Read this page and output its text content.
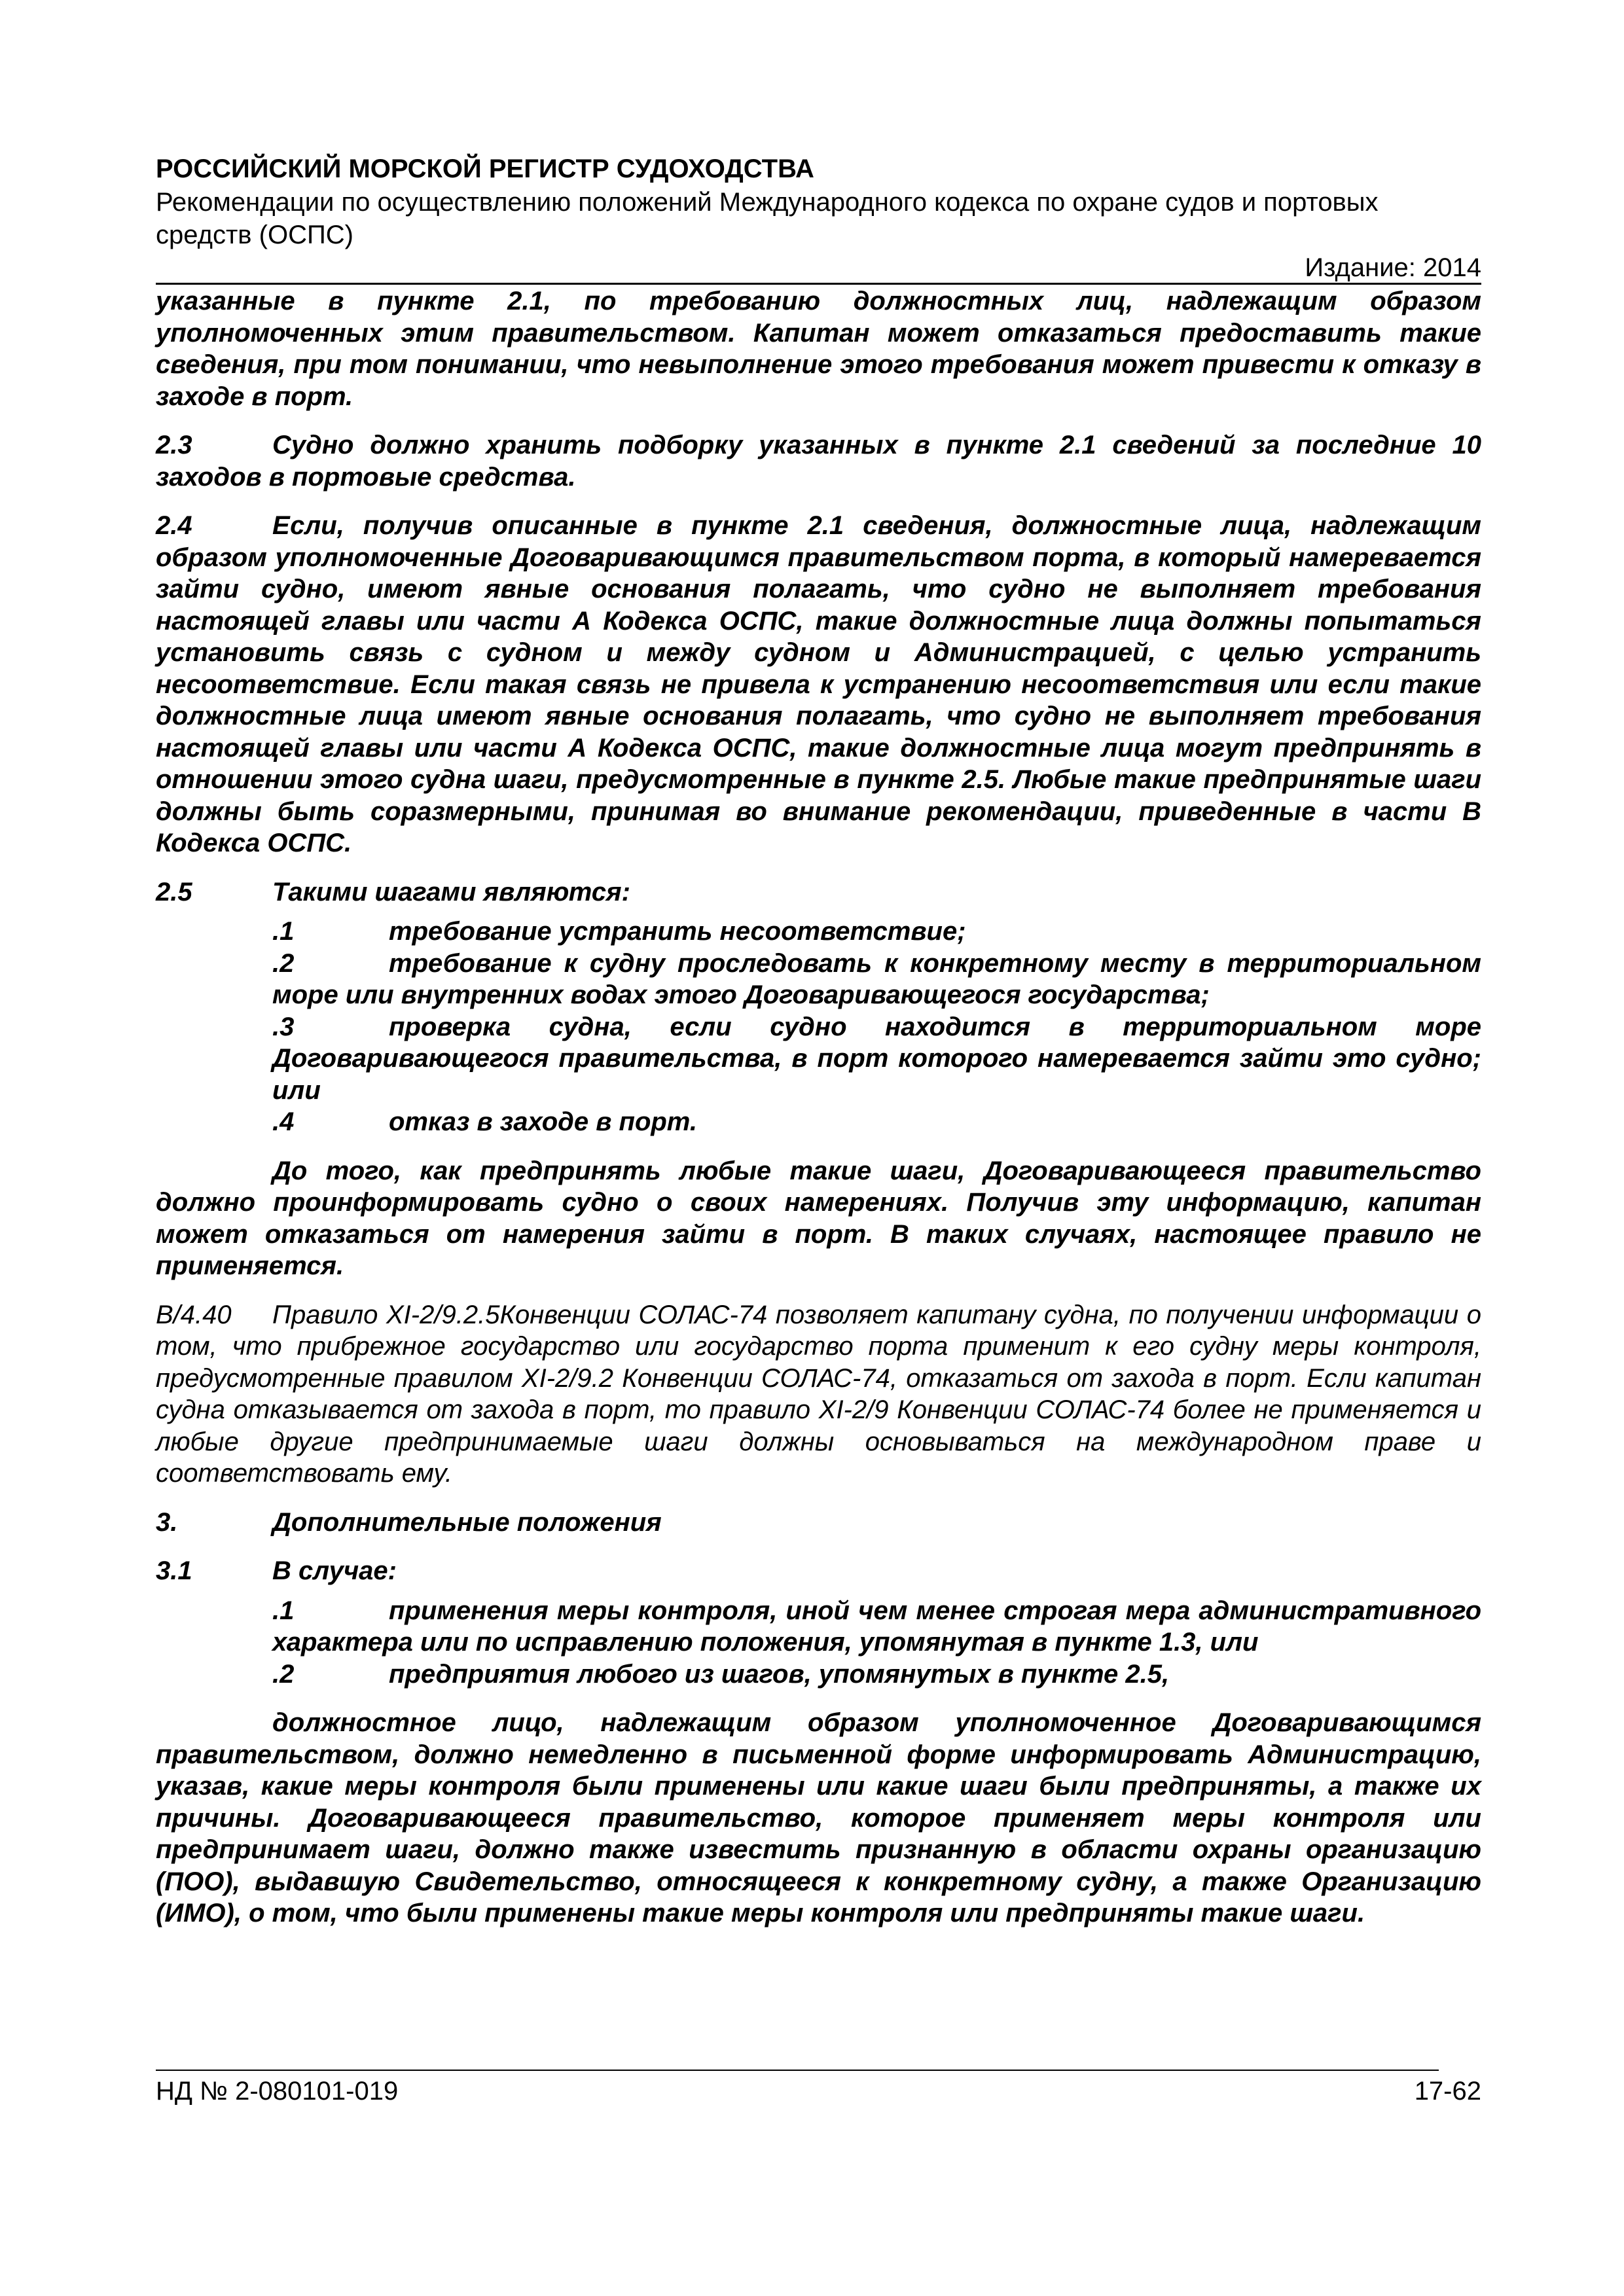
РОССИЙСКИЙ МОРСКОЙ РЕГИСТР СУДОХОДСТВА

Рекомендации по осуществлению положений Международного кодекса по охране судов и портовых средств (ОСПС)

Издание: 2014

указанные в пункте 2.1, по требованию должностных лиц, надлежащим образом уполномоченных этим правительством. Капитан может отказаться предоставить такие сведения, при том понимании, что невыполнение этого требования может привести к отказу в заходе в порт.

2.3	Судно должно хранить подборку указанных в пункте 2.1 сведений за последние 10 заходов в портовые средства.

2.4	Если, получив описанные в пункте 2.1 сведения, должностные лица, надлежащим образом уполномоченные Договаривающимся правительством порта, в который намеревается зайти судно, имеют явные основания полагать, что судно не выполняет требования настоящей главы или части А Кодекса ОСПС, такие должностные лица должны попытаться установить связь с судном и между судном и Администрацией, с целью устранить несоответствие. Если такая связь не привела к устранению несоответствия или если такие должностные лица имеют явные основания полагать, что судно не выполняет требования настоящей главы или части А Кодекса ОСПС, такие должностные лица могут предпринять в отношении этого судна шаги, предусмотренные в пункте 2.5. Любые такие предпринятые шаги должны быть соразмерными, принимая во внимание рекомендации, приведенные в части В Кодекса ОСПС.

2.5	Такими шагами являются:

.1	требование устранить несоответствие;

.2	требование к судну проследовать к конкретному месту в территориальном море или внутренних водах этого Договаривающегося государства;

.3	проверка судна, если судно находится в территориальном море Договаривающегося правительства, в порт которого намеревается зайти это судно; или

.4	отказ в заходе в порт.

До того, как предпринять любые такие шаги, Договаривающееся правительство должно проинформировать судно о своих намерениях. Получив эту информацию, капитан может отказаться от намерения зайти в порт. В таких случаях, настоящее правило не применяется.

B/4.40 Правило XI-2/9.2.5Конвенции СОЛАС-74 позволяет капитану судна, по получении информации о том, что прибрежное государство или государство порта применит к его судну меры контроля, предусмотренные правилом XI-2/9.2 Конвенции СОЛАС-74, отказаться от захода в порт. Если капитан судна отказывается от захода в порт, то правило XI-2/9 Конвенции СОЛАС-74 более не применяется и любые другие предпринимаемые шаги должны основываться на международном праве и соответствовать ему.

3.	Дополнительные положения

3.1	В случае:

.1	применения меры контроля, иной чем менее строгая мера административного характера или по исправлению положения, упомянутая в пункте 1.3, или

.2	предприятия любого из шагов, упомянутых в пункте 2.5,

должностное лицо, надлежащим образом уполномоченное Договаривающимся правительством, должно немедленно в письменной форме информировать Администрацию, указав, какие меры контроля были применены или какие шаги были предприняты, а также их причины. Договаривающееся правительство, которое применяет меры контроля или предпринимает шаги, должно также известить признанную в области охраны организацию (ПОО), выдавшую Свидетельство, относящееся к конкретному судну, а также Организацию (ИМО), о том, что были применены такие меры контроля или предприняты такие шаги.

НД № 2-080101-019	17-62
